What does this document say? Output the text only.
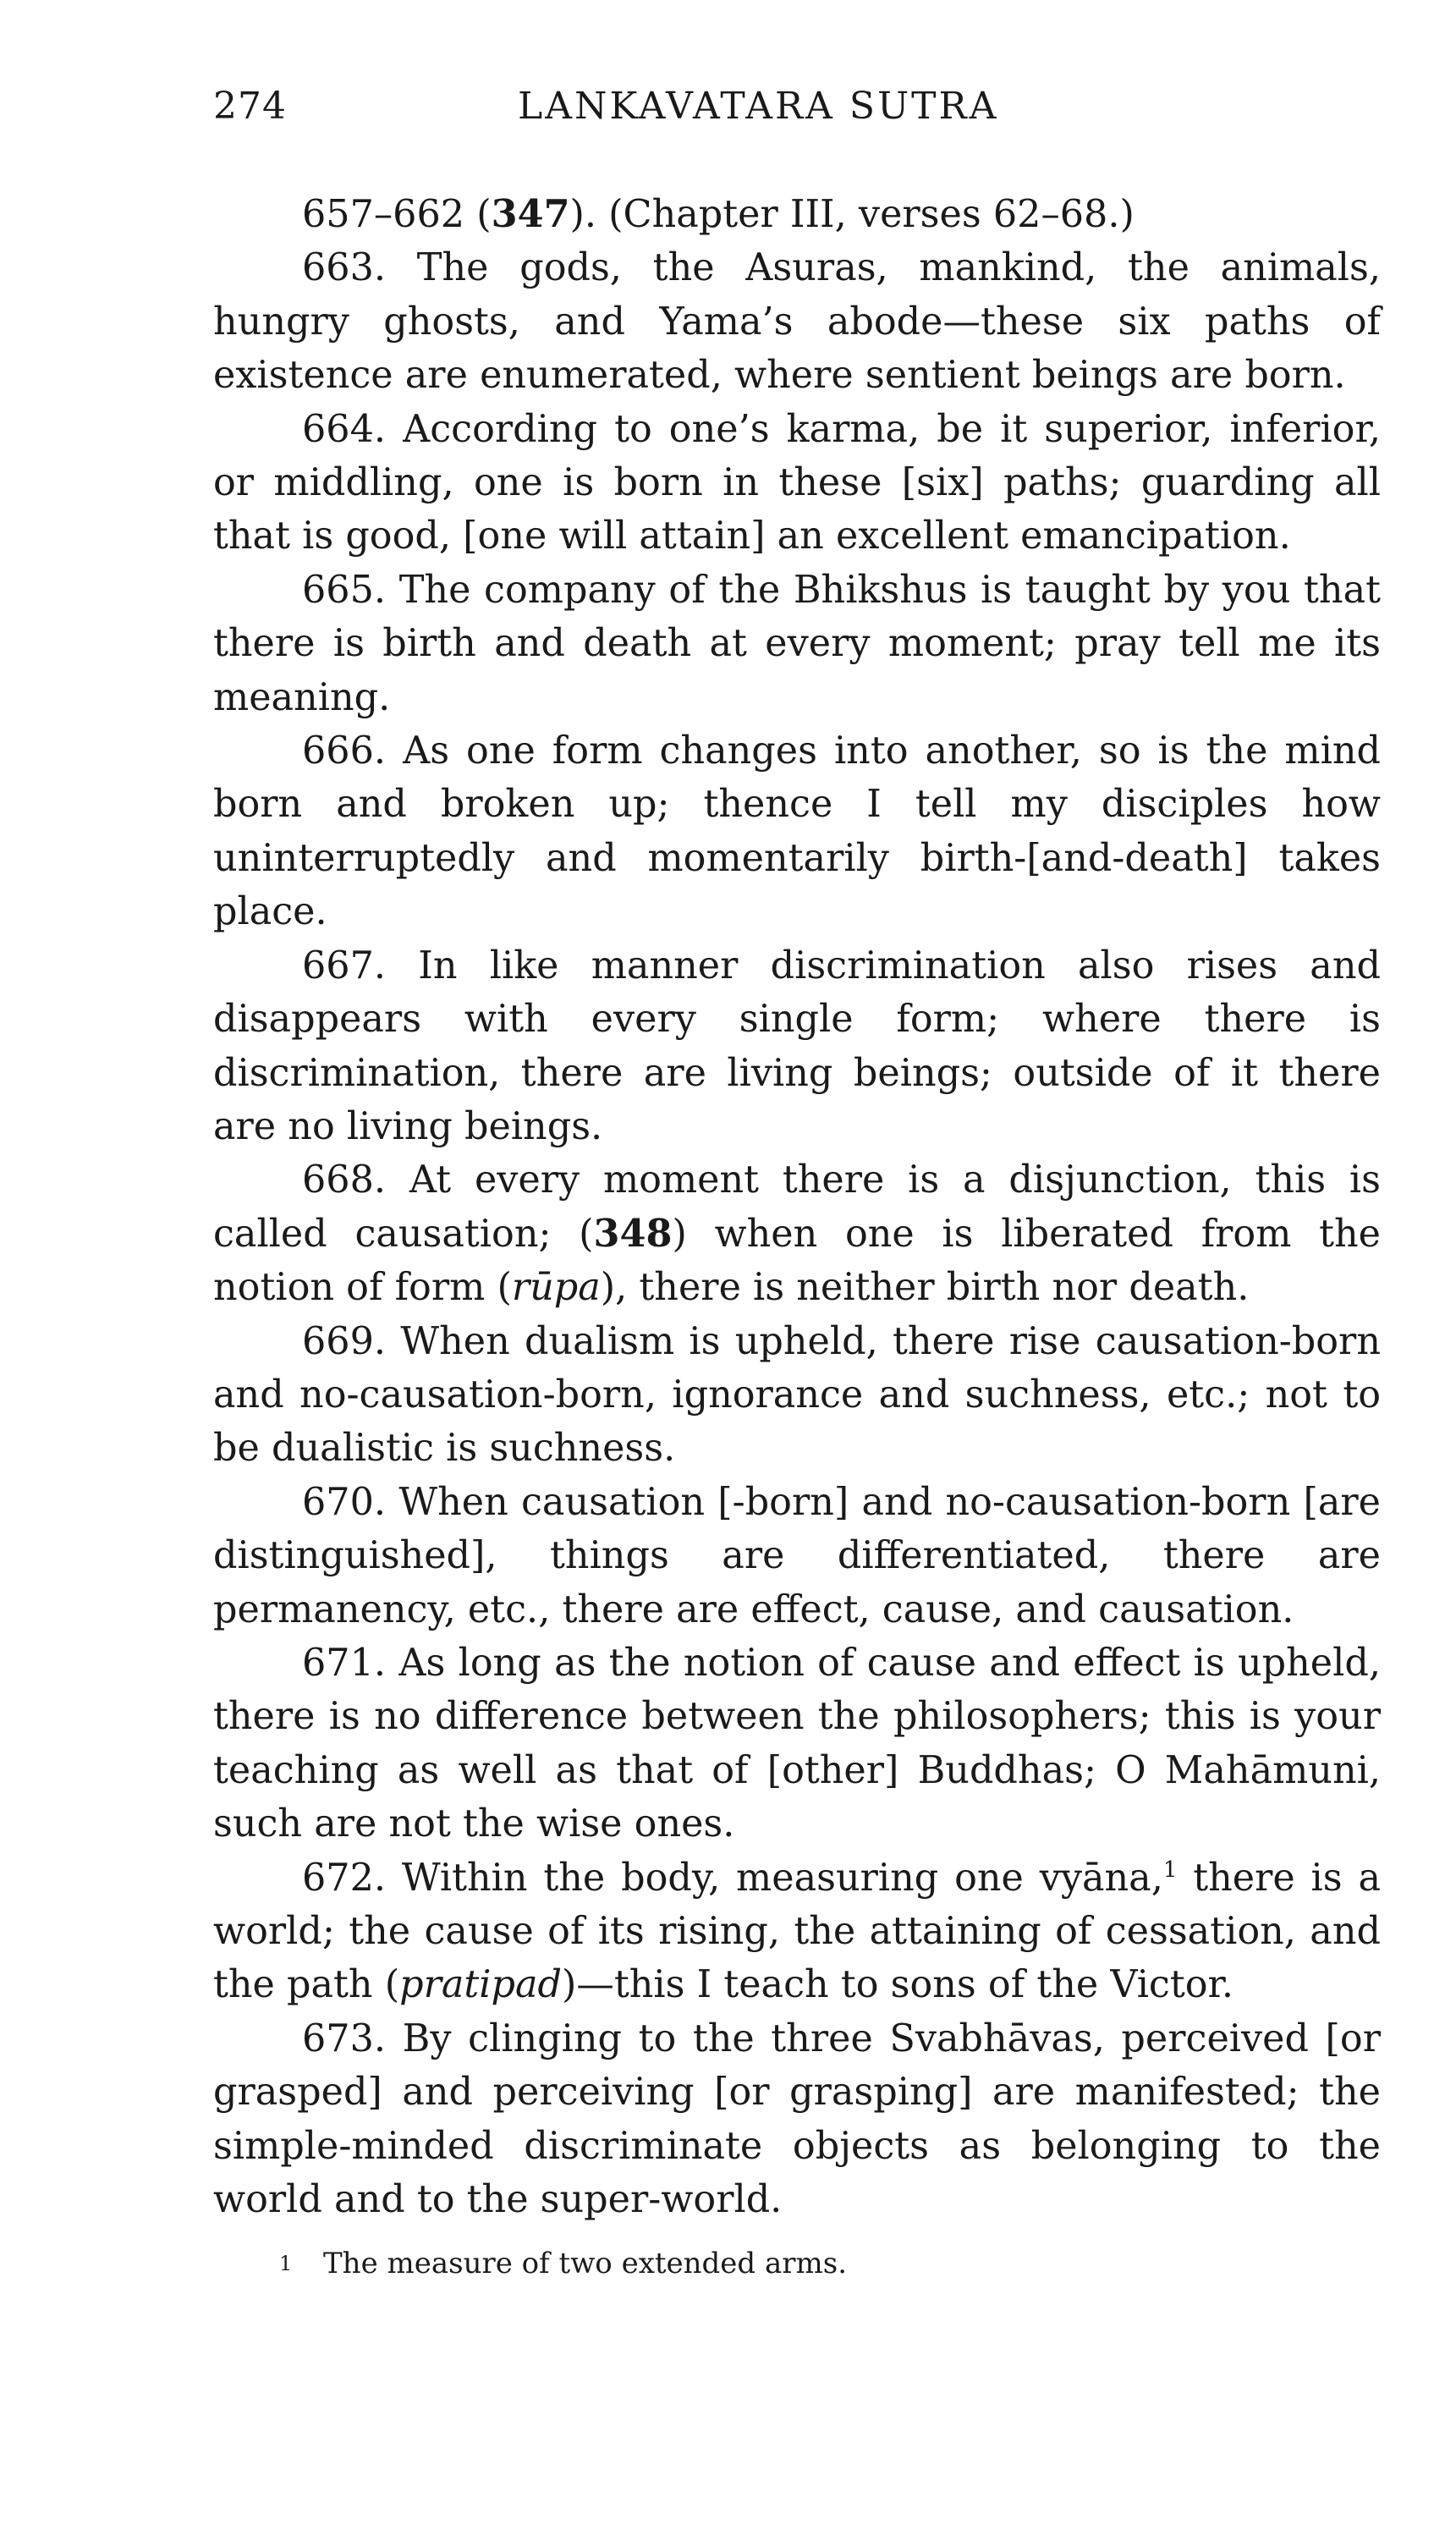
274	LANKAVATARA SUTRA

657–662 (347). (Chapter III, verses 62–68.)

663. The gods, the Asuras, mankind, the animals, hungry ghosts, and Yama’s abode—these six paths of existence are enumerated, where sentient beings are born.

664. According to one’s karma, be it superior, inferior, or middling, one is born in these [six] paths; guarding all that is good, [one will attain] an excellent emancipation.

665. The company of the Bhikshus is taught by you that there is birth and death at every moment; pray tell me its meaning.

666. As one form changes into another, so is the mind born and broken up; thence I tell my disciples how uninterruptedly and momentarily birth-[and-death] takes place.

667. In like manner discrimination also rises and disappears with every single form; where there is discrimination, there are living beings; outside of it there are no living beings.

668. At every moment there is a disjunction, this is called causation; (348) when one is liberated from the notion of form (rūpa), there is neither birth nor death.

669. When dualism is upheld, there rise causation-born and no-causation-born, ignorance and suchness, etc.; not to be dualistic is suchness.

670. When causation [-born] and no-causation-born [are distinguished], things are differentiated, there are permanency, etc., there are effect, cause, and causation.

671. As long as the notion of cause and effect is upheld, there is no difference between the philosophers; this is your teaching as well as that of [other] Buddhas; O Mahāmuni, such are not the wise ones.

672. Within the body, measuring one vyāna,$^1$ there is a world; the cause of its rising, the attaining of cessation, and the path (pratipad)—this I teach to sons of the Victor.

673. By clinging to the three Svabhāvas, perceived [or grasped] and perceiving [or grasping] are manifested; the simple-minded discriminate objects as belonging to the world and to the super-world.

1 The measure of two extended arms.
